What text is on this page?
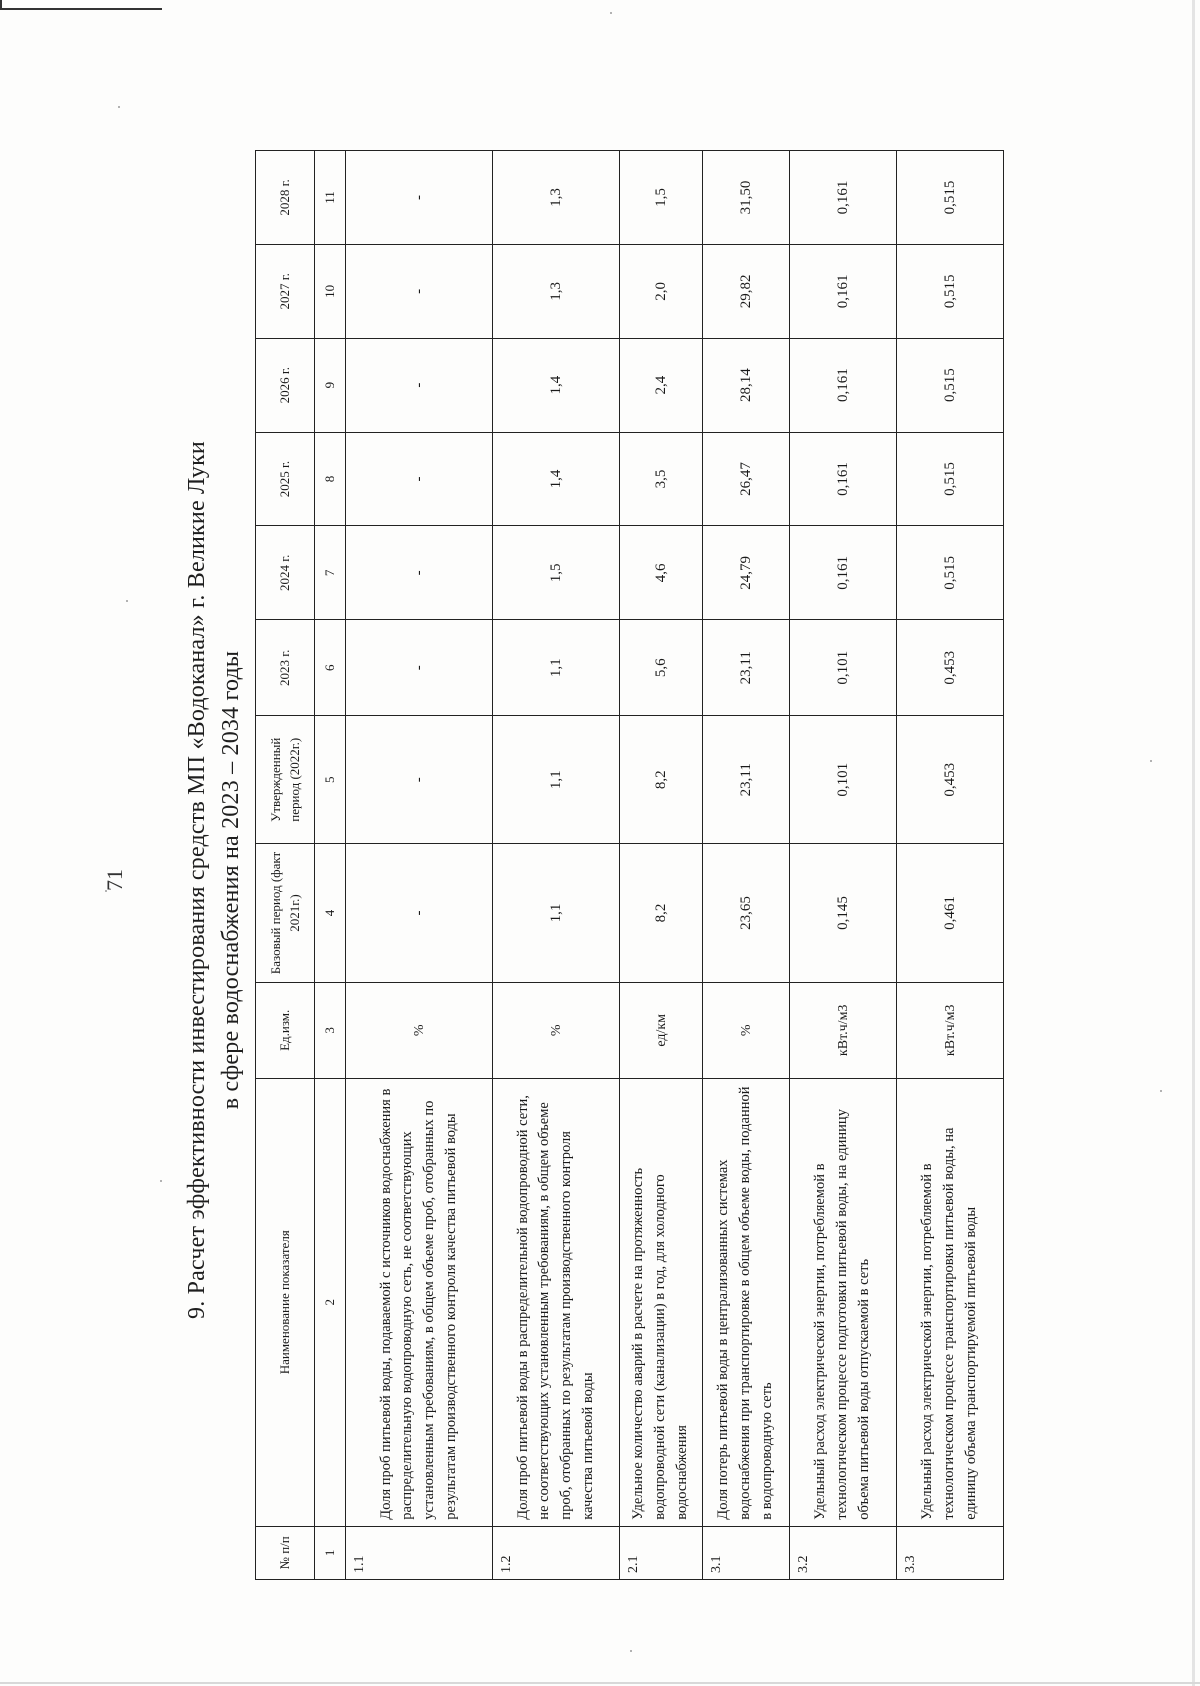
71 9. Расчет эффективности инвестирования средств МП «Водоканал» г. Великие Луки в сфере водоснабжения на 2023 – 2034 годы
№ п/п	Наименование показателя	Ед.изм.	Базовый период (факт 2021г.)	Утвержденный период (2022г.)	2023 г.	2024 г.	2025 г.	2026 г.	2027 г.	2028 г.
1	2	3	4	5	6	7	8	9	10	11
1.1	Доля проб питьевой воды, подаваемой с источников водоснабжения в распределительную водопроводную сеть, не соответствующих установленным требованиям, в общем объеме проб, отобранных по результатам производственного контроля качества питьевой воды	%	-	-	-	-	-	-	-	-
1.2	Доля проб питьевой воды в распределительной водопроводной сети, не соответствующих установленным требованиям, в общем объеме проб, отобранных по результатам производственного контроля качества питьевой воды	%	1,1	1,1	1,1	1,5	1,4	1,4	1,3	1,3
2.1	Удельное количество аварий в расчете на протяженность водопроводной сети (канализации) в год, для холодного водоснабжения	ед/км	8,2	8,2	5,6	4,6	3,5	2,4	2,0	1,5
3.1	Доля потерь питьевой воды в централизованных системах водоснабжения при транспортировке в общем объеме воды, поданной в водопроводную сеть	%	23,65	23,11	23,11	24,79	26,47	28,14	29,82	31,50
3.2	Удельный расход электрической энергии, потребляемой в технологическом процессе подготовки питьевой воды, на единицу объема питьевой воды отпускаемой в сеть	кВт.ч/м3	0,145	0,101	0,101	0,161	0,161	0,161	0,161	0,161
3.3	Удельный расход электрической энергии, потребляемой в технологическом процессе транспортировки питьевой воды, на единицу объема транспортируемой питьевой воды	кВт.ч/м3	0,461	0,453	0,453	0,515	0,515	0,515	0,515	0,515
